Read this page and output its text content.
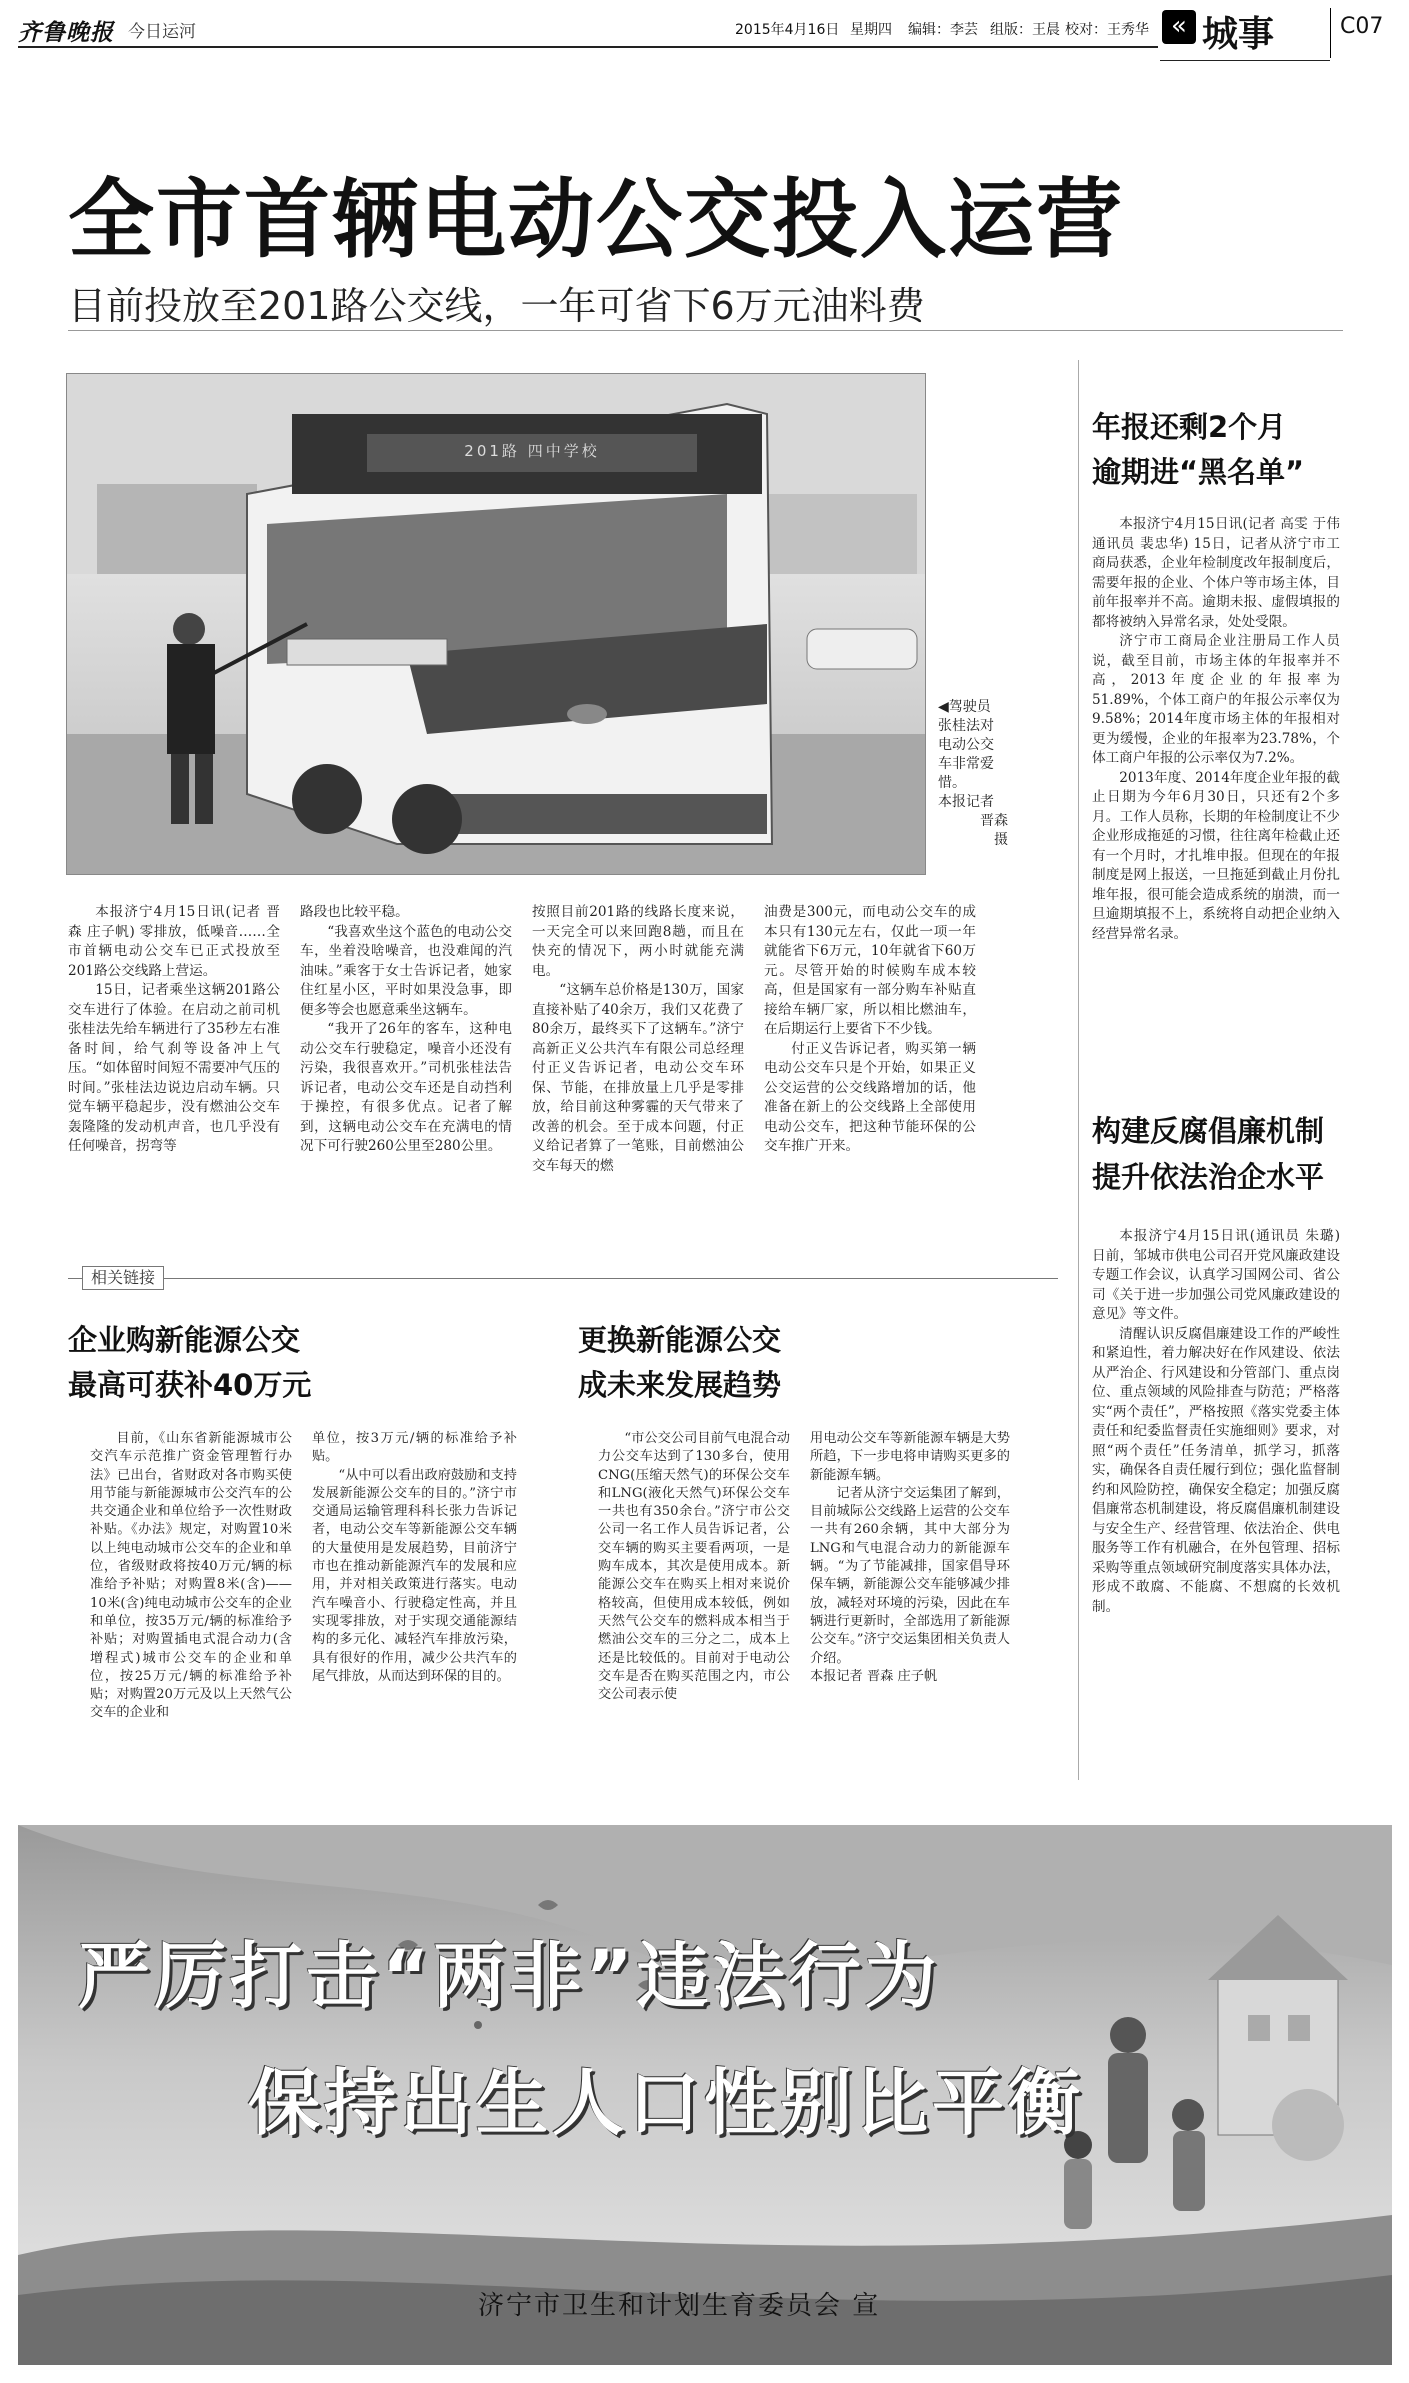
齐鲁晚报 今日运河	2015年4月16日 星期四 编辑：李芸 组版：王晨 校对：王秀华 « 城事	C07
全市首辆电动公交投入运营
目前投放至201路公交线，一年可省下6万元油料费
201路 四中学校
◀驾驶员
张桂法对
电动公交
车非常爱
惜。
本报记者
晋森
摄

本报济宁4月15日讯(记者 晋森 庄子帆) 零排放，低噪音……全市首辆电动公交车已正式投放至201路公交线路上营运。

15日，记者乘坐这辆201路公交车进行了体验。在启动之前司机张桂法先给车辆进行了35秒左右准备时间，给气刹等设备冲上气压。“如体留时间短不需要冲气压的时间。”张桂法边说边启动车辆。只觉车辆平稳起步，没有燃油公交车轰隆隆的发动机声音，也几乎没有任何噪音，拐弯等

路段也比较平稳。

“我喜欢坐这个蓝色的电动公交车，坐着没啥噪音，也没难闻的汽油味。”乘客于女士告诉记者，她家住红星小区，平时如果没急事，即便多等会也愿意乘坐这辆车。

“我开了26年的客车，这种电动公交车行驶稳定，噪音小还没有污染，我很喜欢开。”司机张桂法告诉记者，电动公交车还是自动挡利于操控，有很多优点。记者了解到，这辆电动公交车在充满电的情况下可行驶260公里至280公里。

按照目前201路的线路长度来说，一天完全可以来回跑8趟，而且在快充的情况下，两小时就能充满电。

“这辆车总价格是130万，国家直接补贴了40余万，我们又花费了80余万，最终买下了这辆车。”济宁高新正义公共汽车有限公司总经理付正义告诉记者，电动公交车环保、节能，在排放量上几乎是零排放，给目前这种雾霾的天气带来了改善的机会。至于成本问题，付正义给记者算了一笔账，目前燃油公交车每天的燃

油费是300元，而电动公交车的成本只有130元左右，仅此一项一年就能省下6万元，10年就省下60万元。尽管开始的时候购车成本较高，但是国家有一部分购车补贴直接给车辆厂家，所以相比燃油车，在后期运行上要省下不少钱。

付正义告诉记者，购买第一辆电动公交车只是个开始，如果正义公交运营的公交线路增加的话，他准备在新上的公交线路上全部使用电动公交车，把这种节能环保的公交车推广开来。

年报还剩2个月
逾期进“黑名单”

本报济宁4月15日讯(记者 高雯 于伟 通讯员 裴忠华) 15日，记者从济宁市工商局获悉，企业年检制度改年报制度后，需要年报的企业、个体户等市场主体，目前年报率并不高。逾期未报、虚假填报的都将被纳入异常名录，处处受限。

济宁市工商局企业注册局工作人员说，截至目前，市场主体的年报率并不高，2013年度企业的年报率为51.89%，个体工商户的年报公示率仅为9.58%；2014年度市场主体的年报相对更为缓慢，企业的年报率为23.78%，个体工商户年报的公示率仅为7.2%。

2013年度、2014年度企业年报的截止日期为今年6月30日，只还有2个多月。工作人员称，长期的年检制度让不少企业形成拖延的习惯，往往离年检截止还有一个月时，才扎堆申报。但现在的年报制度是网上报送，一旦拖延到截止月份扎堆年报，很可能会造成系统的崩溃，而一旦逾期填报不上，系统将自动把企业纳入经营异常名录。

构建反腐倡廉机制
提升依法治企水平

本报济宁4月15日讯(通讯员 朱璐) 日前，邹城市供电公司召开党风廉政建设专题工作会议，认真学习国网公司、省公司《关于进一步加强公司党风廉政建设的意见》等文件。

清醒认识反腐倡廉建设工作的严峻性和紧迫性，着力解决好在作风建设、依法从严治企、行风建设和分管部门、重点岗位、重点领域的风险排查与防范；严格落实“两个责任”，严格按照《落实党委主体责任和纪委监督责任实施细则》要求，对照“两个责任”任务清单，抓学习，抓落实，确保各自责任履行到位；强化监督制约和风险防控，确保安全稳定；加强反腐倡廉常态机制建设，将反腐倡廉机制建设与安全生产、经营管理、依法治企、供电服务等工作有机融合，在外包管理、招标采购等重点领域研究制度落实具体办法，形成不敢腐、不能腐、不想腐的长效机制。

相关链接
企业购新能源公交
最高可获补40万元

目前，《山东省新能源城市公交汽车示范推广资金管理暂行办法》已出台，省财政对各市购买使用节能与新能源城市公交汽车的公共交通企业和单位给予一次性财政补贴。《办法》规定，对购置10米以上纯电动城市公交车的企业和单位，省级财政将按40万元/辆的标准给予补贴；对购置8米(含)——10米(含)纯电动城市公交车的企业和单位，按35万元/辆的标准给予补贴；对购置插电式混合动力(含增程式)城市公交车的企业和单位，按25万元/辆的标准给予补贴；对购置20万元及以上天然气公交车的企业和

单位，按3万元/辆的标准给予补贴。

“从中可以看出政府鼓励和支持发展新能源公交车的目的。”济宁市交通局运输管理科科长张力告诉记者，电动公交车等新能源公交车辆的大量使用是发展趋势，目前济宁市也在推动新能源汽车的发展和应用，并对相关政策进行落实。电动汽车噪音小、行驶稳定性高，并且实现零排放，对于实现交通能源结构的多元化、减轻汽车排放污染，具有很好的作用，减少公共汽车的尾气排放，从而达到环保的目的。

更换新能源公交
成未来发展趋势

“市公交公司目前气电混合动力公交车达到了130多台，使用CNG(压缩天然气)的环保公交车和LNG(液化天然气)环保公交车一共也有350余台。”济宁市公交公司一名工作人员告诉记者，公交车辆的购买主要看两项，一是购车成本，其次是使用成本。新能源公交车在购买上相对来说价格较高，但使用成本较低，例如天然气公交车的燃料成本相当于燃油公交车的三分之二，成本上还是比较低的。目前对于电动公交车是否在购买范围之内，市公交公司表示使

用电动公交车等新能源车辆是大势所趋，下一步电将申请购买更多的新能源车辆。

记者从济宁交运集团了解到，目前城际公交线路上运营的公交车一共有260余辆，其中大部分为LNG和气电混合动力的新能源车辆。“为了节能减排，国家倡导环保车辆，新能源公交车能够减少排放，减轻对环境的污染，因此在车辆进行更新时，全部选用了新能源公交车。”济宁交运集团相关负责人介绍。

本报记者 晋森 庄子帆

严厉打击“两非”违法行为
保持出生人口性别比平衡
济宁市卫生和计划生育委员会 宣
